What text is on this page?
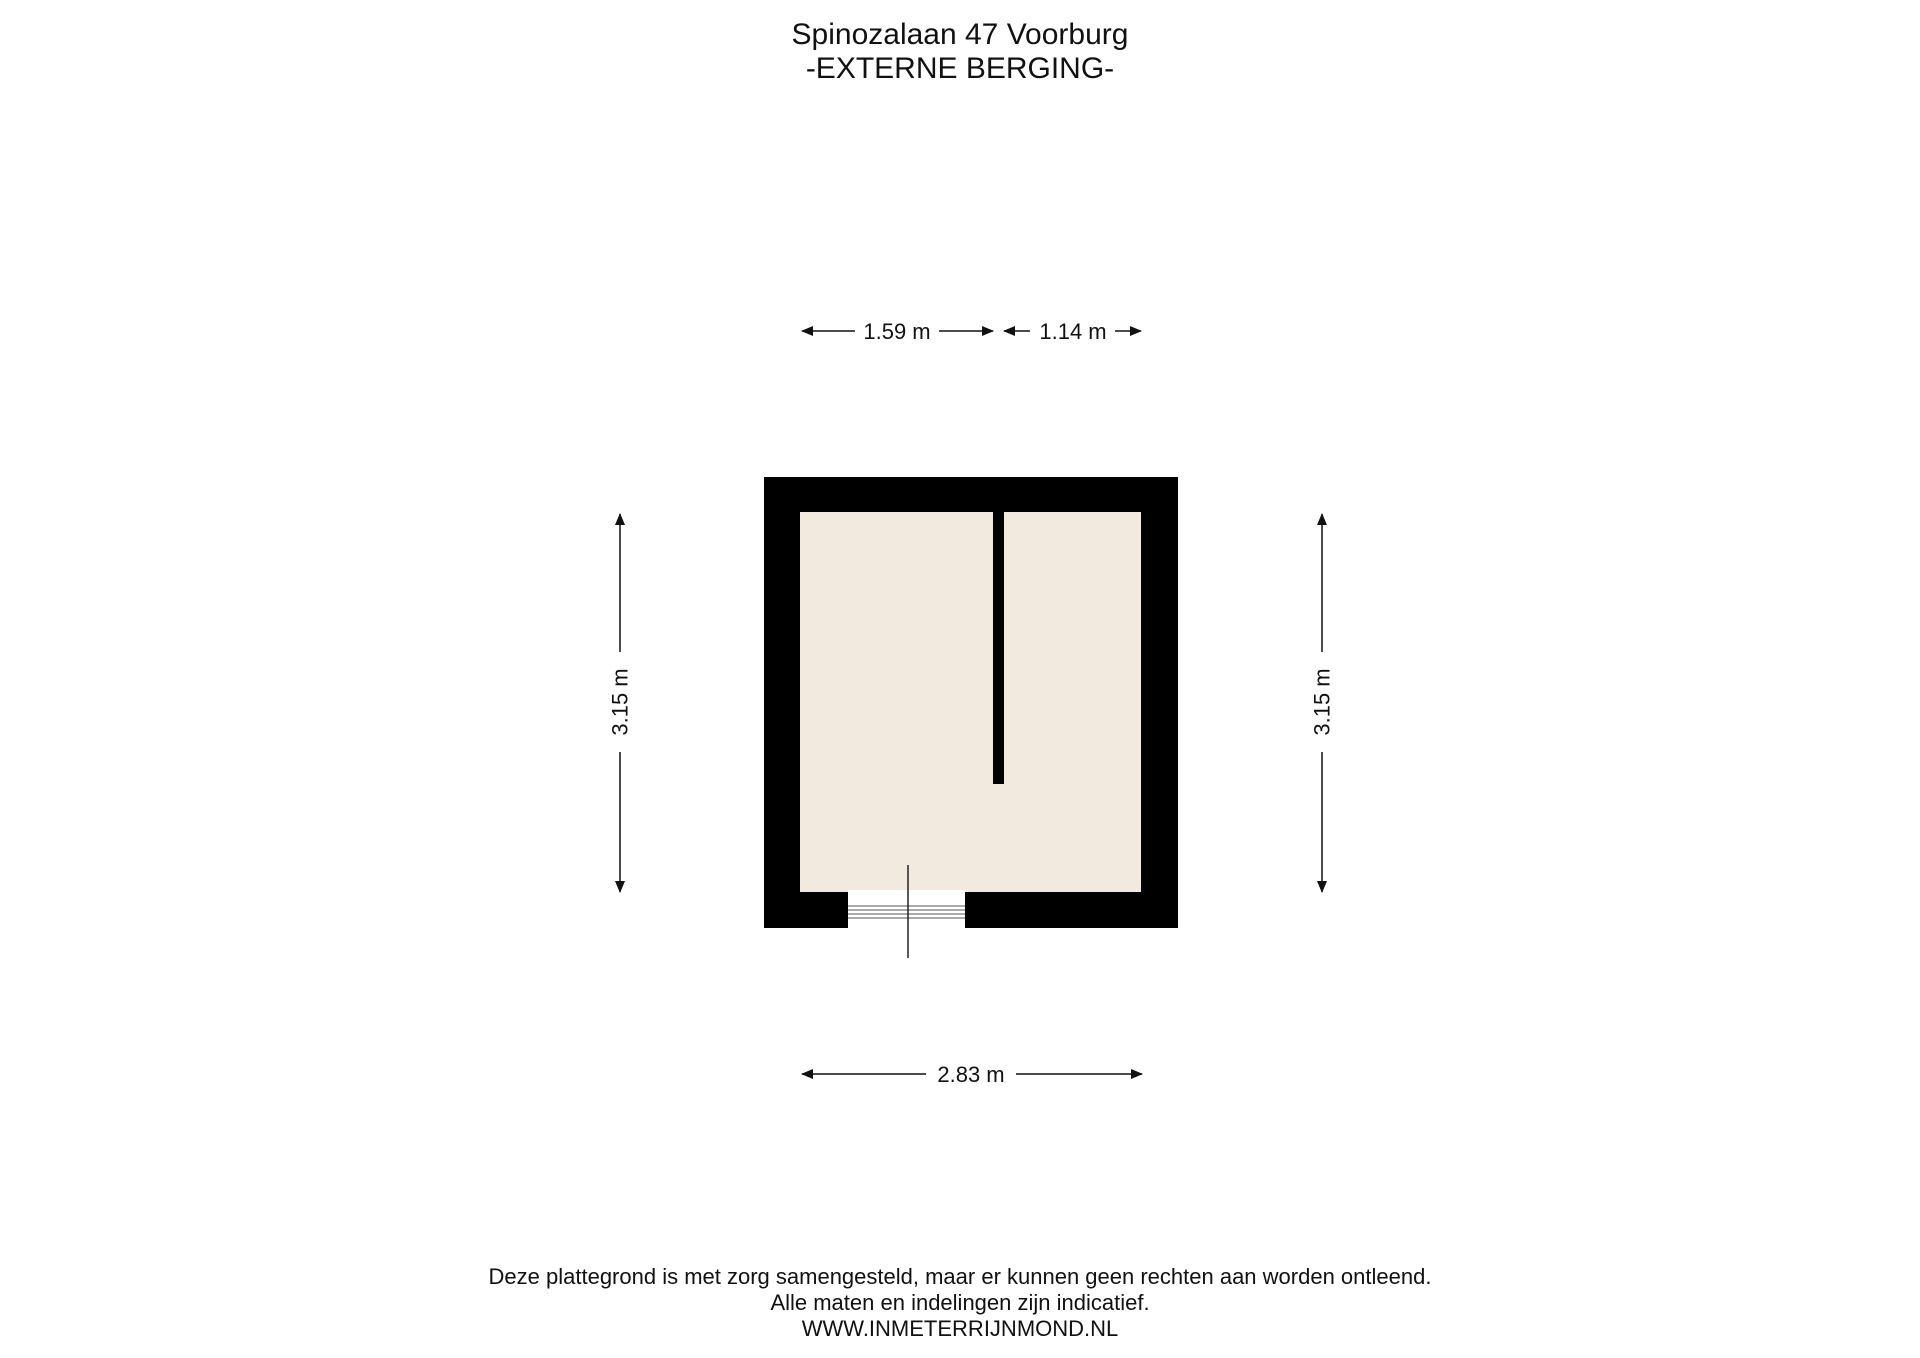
Spinozalaan 47 Voorburg
-EXTERNE BERGING-
1.59 m	1.14 m
3.15 m	3.15 m
2.83 m
Deze plattegrond is met zorg samengesteld, maar er kunnen geen rechten aan worden ontleend.
Alle maten en indelingen zijn indicatief.
WWW.INMETERRIJNMOND.NL
